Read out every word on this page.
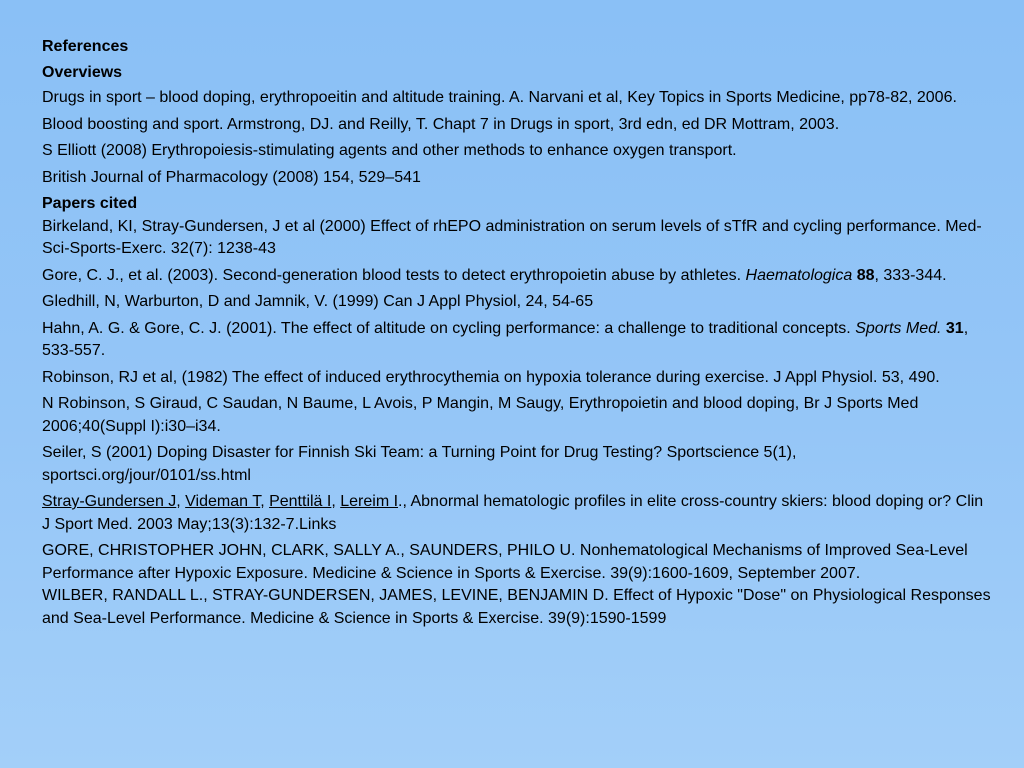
References
Overviews
Drugs in sport – blood doping, erythropoeitin and altitude training. A. Narvani et al, Key Topics in Sports Medicine, pp78-82, 2006.
Blood boosting and sport. Armstrong, DJ. and Reilly, T. Chapt 7 in Drugs in sport, 3rd edn, ed DR Mottram, 2003.
S Elliott (2008) Erythropoiesis-stimulating agents and other methods to enhance oxygen transport.
British Journal of Pharmacology (2008) 154, 529–541
Papers cited
Birkeland, KI, Stray-Gundersen, J et al (2000) Effect of rhEPO administration on serum levels of sTfR and cycling performance. Med-Sci-Sports-Exerc. 32(7): 1238-43
Gore, C. J., et al. (2003). Second-generation blood tests to detect erythropoietin abuse by athletes. Haematologica 88, 333-344.
Gledhill, N, Warburton, D and Jamnik, V. (1999) Can J Appl Physiol, 24, 54-65
Hahn, A. G. & Gore, C. J. (2001). The effect of altitude on cycling performance: a challenge to traditional concepts. Sports Med. 31, 533-557.
Robinson, RJ et al, (1982) The effect of induced erythrocythemia on hypoxia tolerance during exercise. J Appl Physiol. 53, 490.
N Robinson, S Giraud, C Saudan, N Baume, L Avois, P Mangin, M Saugy, Erythropoietin and blood doping, Br J Sports Med 2006;40(Suppl I):i30–i34.
Seiler, S (2001) Doping Disaster for Finnish Ski Team: a Turning Point for Drug Testing? Sportscience 5(1), sportsci.org/jour/0101/ss.html
Stray-Gundersen J, Videman T, Penttilä I, Lereim I., Abnormal hematologic profiles in elite cross-country skiers: blood doping or? Clin J Sport Med. 2003 May;13(3):132-7.Links
GORE, CHRISTOPHER JOHN, CLARK, SALLY A., SAUNDERS, PHILO U. Nonhematological Mechanisms of Improved Sea-Level Performance after Hypoxic Exposure. Medicine & Science in Sports & Exercise. 39(9):1600-1609, September 2007.
WILBER, RANDALL L., STRAY-GUNDERSEN, JAMES, LEVINE, BENJAMIN D. Effect of Hypoxic "Dose" on Physiological Responses and Sea-Level Performance. Medicine & Science in Sports & Exercise. 39(9):1590-1599
